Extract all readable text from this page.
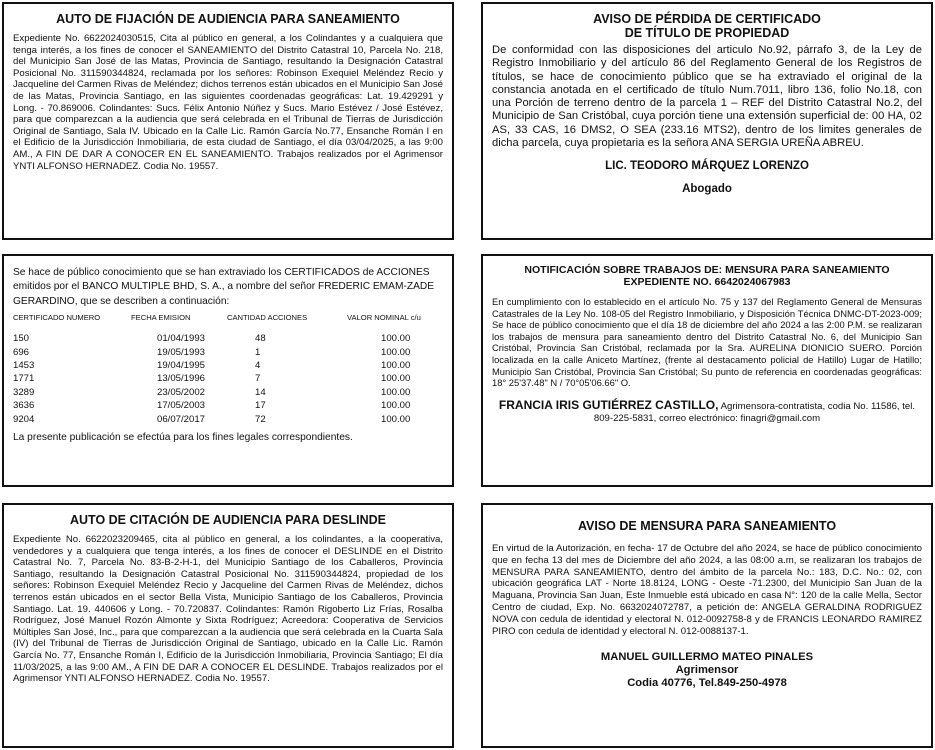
AUTO DE FIJACIÓN DE AUDIENCIA PARA SANEAMIENTO

Expediente No. 6622024030515, Cita al público en general, a los Colindantes y a cualquiera que tenga interés, a los fines de conocer el SANEAMIENTO del Distrito Catastral 10, Parcela No. 218, del Municipio San José de las Matas, Provincia de Santiago, resultando la Designación Catastral Posicional No. 311590344824, reclamada por los señores: Robinson Exequiel Meléndez Recio y Jacqueline del Carmen Rivas de Meléndez; dichos terrenos están ubicados en el Municipio San José de las Matas, Provincia Santiago, en las siguientes coordenadas geográficas: Lat. 19.429291 y Long. - 70.869006. Colindantes: Sucs. Félix Antonio Núñez y Sucs. Mario Estévez / José Estévez, para que comparezcan a la audiencia que será celebrada en el Tribunal de Tierras de Jurisdicción Original de Santiago, Sala IV. Ubicado en la Calle Lic. Ramón García No.77, Ensanche Román I en el Edificio de la Jurisdicción Inmobiliaria, de esta ciudad de Santiago, el día 03/04/2025, a las 9:00 AM., A FIN DE DAR A CONOCER EN EL SANEAMIENTO. Trabajos realizados por el Agrimensor YNTI ALFONSO HERNADEZ. Codia No. 19557.

AVISO DE PÉRDIDA DE CERTIFICADO
DE TÍTULO DE PROPIEDAD

De conformidad con las disposiciones del articulo No.92, párrafo 3, de la Ley de Registro Inmobiliario y del artículo 86 del Reglamento General de los Registros de títulos, se hace de conocimiento público que se ha extraviado el original de la constancia anotada en el certificado de título Num.7011, libro 136, folio No.18, con una Porción de terreno dentro de la parcela 1 – REF del Distrito Catastral No.2, del Municipio de San Cristóbal, cuya porción tiene una extensión superficial de: 00 HA, 02 AS, 33 CAS, 16 DMS2, O SEA (233.16 MTS2), dentro de los limites generales de dicha parcela, cuya propietaria es la señora ANA SERGIA UREÑA ABREU.

LIC. TEODORO MÁRQUEZ LORENZO
Abogado

Se hace de público conocimiento que se han extraviado los CERTIFICADOS de ACCIONES emitidos por el BANCO MULTIPLE BHD, S. A., a nombre del señor FREDERIC EMAM-ZADE GERARDINO, que se describen a continuación:

CERTIFICADO NUMERO	FECHA EMISION	CANTIDAD ACCIONES	VALOR NOMINAL c/u
150	01/04/1993	48	100.00
696	19/05/1993	1	100.00
1453	19/04/1995	4	100.00
1771	13/05/1996	7	100.00
3289	23/05/2002	14	100.00
3636	17/05/2003	17	100.00
9204	06/07/2017	72	100.00

La presente publicación se efectúa para los fines legales correspondientes.

NOTIFICACIÓN SOBRE TRABAJOS DE: MENSURA PARA SANEAMIENTO
EXPEDIENTE NO. 6642024067983

En cumplimiento con lo establecido en el artículo No. 75 y 137 del Reglamento General de Mensuras Catastrales de la Ley No. 108-05 del Registro Inmobiliario, y Disposición Técnica DNMC-DT-2023-009; Se hace de público conocimiento que el día 18 de diciembre del año 2024 a las 2:00 P.M. se realizaran los trabajos de mensura para saneamiento dentro del Distrito Catastral No. 6, del Municipio San Cristóbal, Provincia San Cristóbal, reclamada por la Sra. AURELINA DIONICIO SUERO. Porción localizada en la calle Aniceto Martínez, (frente al destacamento policial de Hatillo) Lugar de Hatillo; Municipio San Cristóbal, Provincia San Cristóbal; Su punto de referencia en coordenadas geográficas: 18° 25'37.48" N / 70°05'06.66" O.

FRANCIA IRIS GUTIÉRREZ CASTILLO, Agrimensora-contratista, codia No. 11586, tel. 809-225-5831, correo electrónico: finagri@gmail.com
AUTO DE CITACIÓN DE AUDIENCIA PARA DESLINDE

Expediente No. 6622023209465, cita al público en general, a los colindantes, a la cooperativa, vendedores y a cualquiera que tenga interés, a los fines de conocer el DESLINDE en el Distrito Catastral No. 7, Parcela No. 83-B-2-H-1, del Municipio Santiago de los Caballeros, Provincia Santiago, resultando la Designación Catastral Posicional No. 311590344824, propiedad de los señores: Robinson Exequiel Meléndez Recio y Jacqueline del Carmen Rivas de Meléndez, dichos terrenos están ubicados en el sector Bella Vista, Municipio Santiago de los Caballeros, Provincia Santiago. Lat. 19. 440606 y Long. - 70.720837. Colindantes: Ramón Rigoberto Liz Frías, Rosalba Rodríguez, José Manuel Rozón Almonte y Sixta Rodríguez; Acreedora: Cooperativa de Servicios Múltiples San José, Inc., para que comparezcan a la audiencia que será celebrada en la Cuarta Sala (IV) del Tribunal de Tierras de Jurisdicción Original de Santiago, ubicado en la Calle Lic. Ramón García No. 77, Ensanche Román I, Edificio de la Jurisdicción Inmobiliaria, Provincia Santiago; El día 11/03/2025, a las 9:00 AM., A FIN DE DAR A CONOCER EL DESLINDE. Trabajos realizados por el Agrimensor YNTI ALFONSO HERNADEZ. Codia No. 19557.

AVISO DE MENSURA PARA SANEAMIENTO

En virtud de la Autorización, en fecha- 17 de Octubre del año 2024, se hace de público conocimiento que en fecha 13 del mes de Diciembre del año 2024, a las 08:00 a.m, se realizaran los trabajos de MENSURA PARA SANEAMIENTO, dentro del ámbito de la parcela No.: 183, D.C. No.: 02, con ubicación geográfica LAT - Norte 18.8124, LONG - Oeste -71.2300, del Municipio San Juan de la Maguana, Provincia San Juan, Este Inmueble está ubicado en casa N°: 120 de la calle Mella, Sector Centro de ciudad, Exp. No. 6632024072787, a petición de: ANGELA GERALDINA RODRIGUEZ NOVA con cedula de identidad y electoral N. 012-0092758-8 y de FRANCIS LEONARDO RAMIREZ PIRO con cedula de identidad y electoral N. 012-0088137-1.

MANUEL GUILLERMO MATEO PINALES
Agrimensor
Codia 40776, Tel.849-250-4978
